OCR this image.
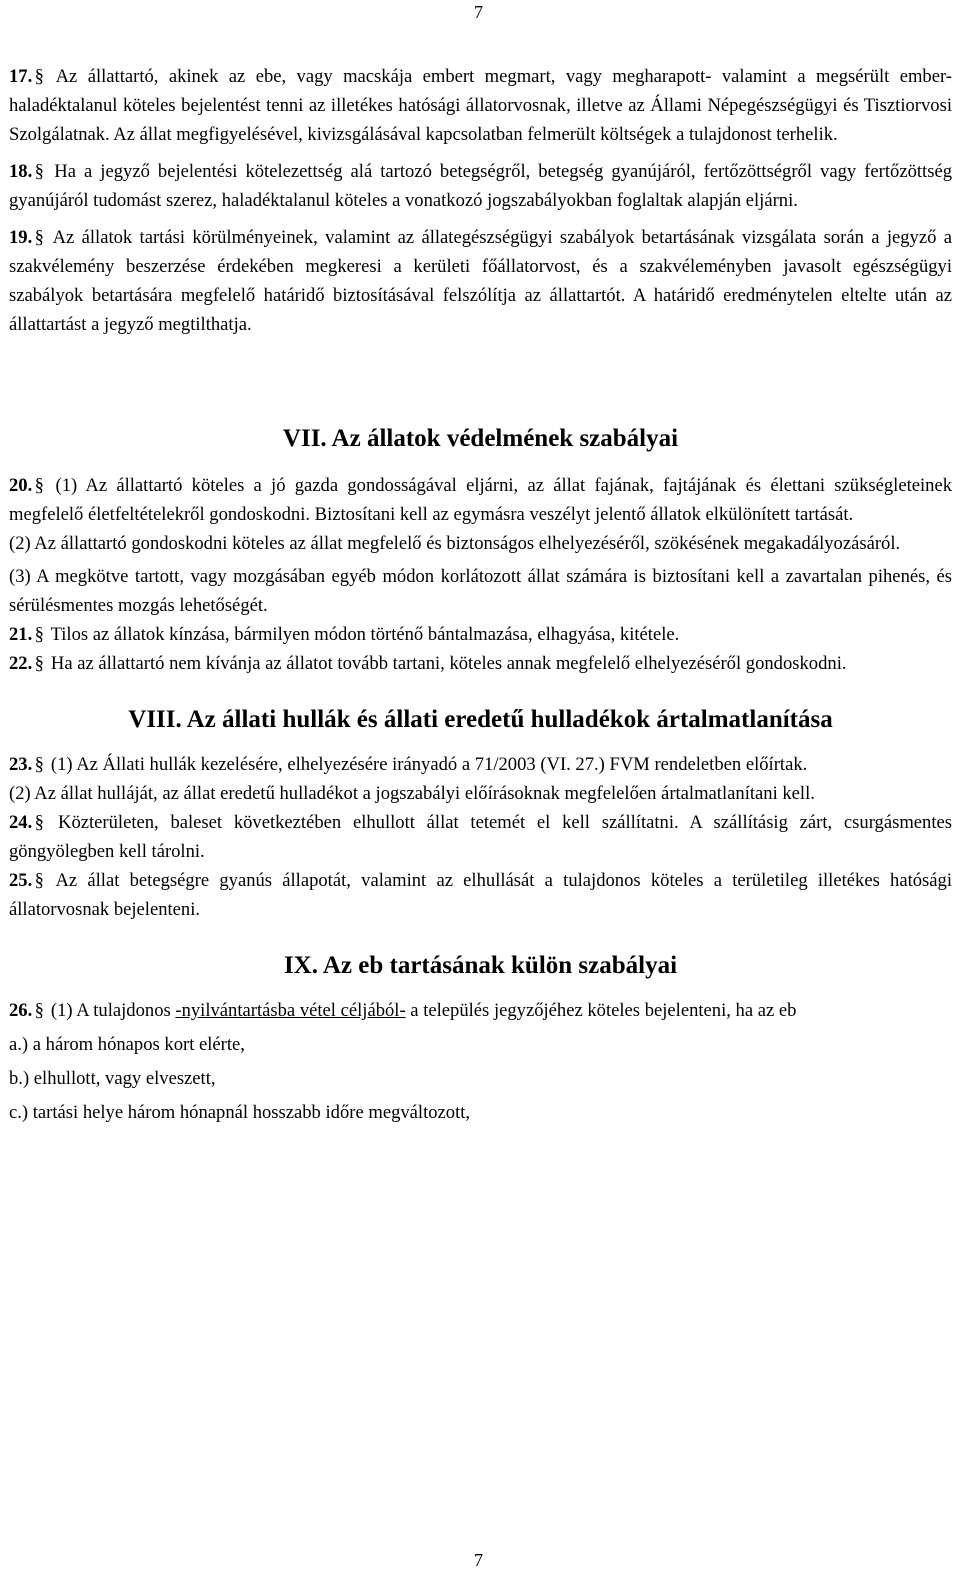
7

17. § Az állattartó, akinek az ebe, vagy macskája embert megmart, vagy megharapott- valamint a megsérült ember- haladéktalanul köteles bejelentést tenni az illetékes hatósági állatorvosnak, illetve az Állami Népegészségügyi és Tisztiorvosi Szolgálatnak. Az állat megfigyelésével, kivizsgálásával kapcsolatban felmerült költségek a tulajdonost terhelik.

18. § Ha a jegyző bejelentési kötelezettség alá tartozó betegségről, betegség gyanújáról, fertőzöttségről vagy fertőzöttség gyanújáról tudomást szerez, haladéktalanul köteles a vonatkozó jogszabályokban foglaltak alapján eljárni.

19. § Az állatok tartási körülményeinek, valamint az állategészségügyi szabályok betartásának vizsgálata során a jegyző a szakvélemény beszerzése érdekében megkeresi a kerületi főállatorvost, és a szakvéleményben javasolt egészségügyi szabályok betartására megfelelő határidő biztosításával felszólítja az állattartót. A határidő eredménytelen eltelte után az állattartást a jegyző megtilthatja.

VII. Az állatok védelmének szabályai

20. § (1) Az állattartó köteles a jó gazda gondosságával eljárni, az állat fajának, fajtájának és élettani szükségleteinek megfelelő életfeltételekről gondoskodni. Biztosítani kell az egymásra veszélyt jelentő állatok elkülönített tartását.

(2) Az állattartó gondoskodni köteles az állat megfelelő és biztonságos elhelyezéséről, szökésének megakadályozásáról.

(3) A megkötve tartott, vagy mozgásában egyéb módon korlátozott állat számára is biztosítani kell a zavartalan pihenés, és sérülésmentes mozgás lehetőségét.

21. § Tilos az állatok kínzása, bármilyen módon történő bántalmazása, elhagyása, kitétele.

22. § Ha az állattartó nem kívánja az állatot tovább tartani, köteles annak megfelelő elhelyezéséről gondoskodni.

VIII. Az állati hullák és állati eredetű hulladékok ártalmatlanítása

23. § (1) Az Állati hullák kezelésére, elhelyezésére irányadó a 71/2003 (VI. 27.) FVM rendeletben előírtak.

(2) Az állat hulláját, az állat eredetű hulladékot a jogszabályi előírásoknak megfelelően ártalmatlanítani kell.

24. § Közterületen, baleset következtében elhullott állat tetemét el kell szállítatni. A szállításig zárt, csurgásmentes göngyölegben kell tárolni.

25. § Az állat betegségre gyanús állapotát, valamint az elhullását a tulajdonos köteles a területileg illetékes hatósági állatorvosnak bejelenteni.

IX. Az eb tartásának külön szabályai

26. § (1) A tulajdonos -nyilvántartásba vétel céljából- a település jegyzőjéhez köteles bejelenteni, ha az eb

a.) a három hónapos kort elérte,

b.) elhullott, vagy elveszett,

c.) tartási helye három hónapnál hosszabb időre megváltozott,

7
